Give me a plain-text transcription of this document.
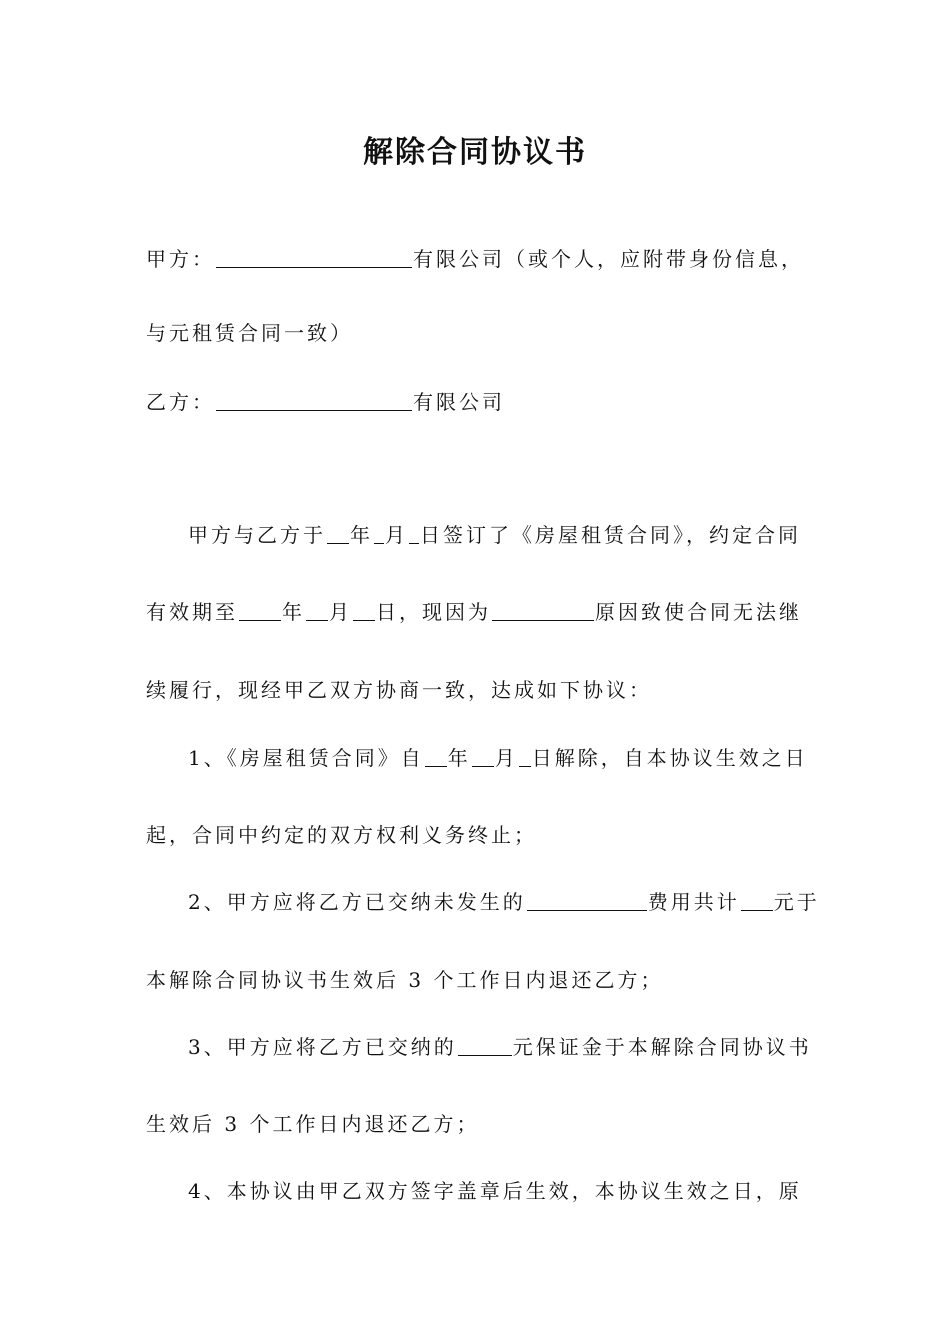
解除合同协议书
甲方：	有限公司（或个人，应附带身份信息，
与元租赁合同一致）
乙方：	有限公司
甲方与乙方于 年 月 日签订了《房屋租赁合同》，约定合同
有效期至 年 月 日，现因为	原因致使合同无法继
续履行，现经甲乙双方协商一致，达成如下协议：
1、《房屋租赁合同》自 年 月 日解除，自本协议生效之日
起，合同中约定的双方权利义务终止；
2、甲方应将乙方已交纳未发生的	费用共计 元于
本解除合同协议书生效后 3 个工作日内退还乙方；
3、甲方应将乙方已交纳的	元保证金于本解除合同协议书
生效后 3 个工作日内退还乙方；
4、本协议由甲乙双方签字盖章后生效，本协议生效之日，原
